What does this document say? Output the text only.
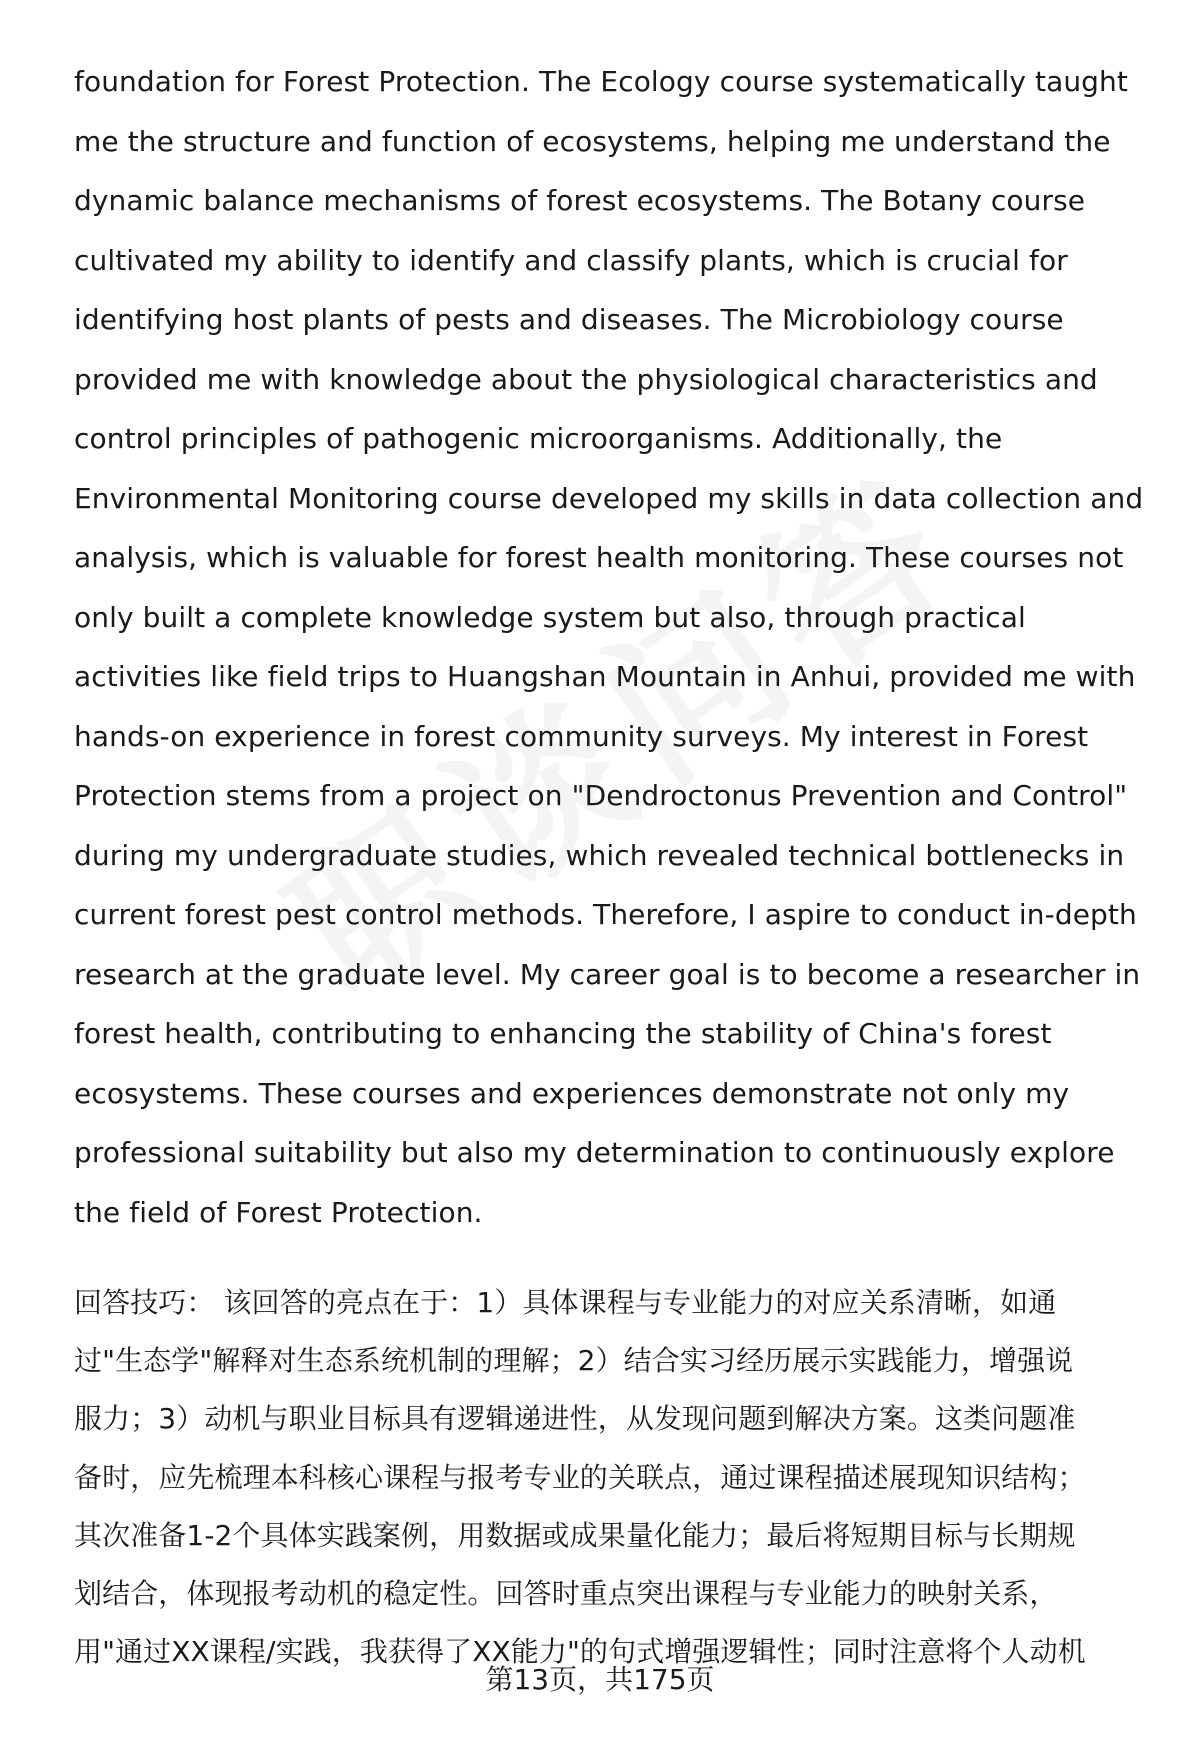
foundation for Forest Protection. The Ecology course systematically taught
me the structure and function of ecosystems, helping me understand the
dynamic balance mechanisms of forest ecosystems. The Botany course
cultivated my ability to identify and classify plants, which is crucial for
identifying host plants of pests and diseases. The Microbiology course
provided me with knowledge about the physiological characteristics and
control principles of pathogenic microorganisms. Additionally, the
Environmental Monitoring course developed my skills in data collection and
analysis, which is valuable for forest health monitoring. These courses not
only built a complete knowledge system but also, through practical
activities like field trips to Huangshan Mountain in Anhui, provided me with
hands-on experience in forest community surveys. My interest in Forest
Protection stems from a project on "Dendroctonus Prevention and Control"
during my undergraduate studies, which revealed technical bottlenecks in
current forest pest control methods. Therefore, I aspire to conduct in-depth
research at the graduate level. My career goal is to become a researcher in
forest health, contributing to enhancing the stability of China's forest
ecosystems. These courses and experiences demonstrate not only my
professional suitability but also my determination to continuously explore
the field of Forest Protection.
回答技巧： 该回答的亮点在于：1）具体课程与专业能力的对应关系清晰，如通
过"生态学"解释对生态系统机制的理解；2）结合实习经历展示实践能力，增强说
服力；3）动机与职业目标具有逻辑递进性，从发现问题到解决方案。这类问题准
备时，应先梳理本科核心课程与报考专业的关联点，通过课程描述展现知识结构；
其次准备1-2个具体实践案例，用数据或成果量化能力；最后将短期目标与长期规
划结合，体现报考动机的稳定性。回答时重点突出课程与专业能力的映射关系，
用"通过XX课程/实践，我获得了XX能力"的句式增强逻辑性；同时注意将个人动机
第13页，共175页
